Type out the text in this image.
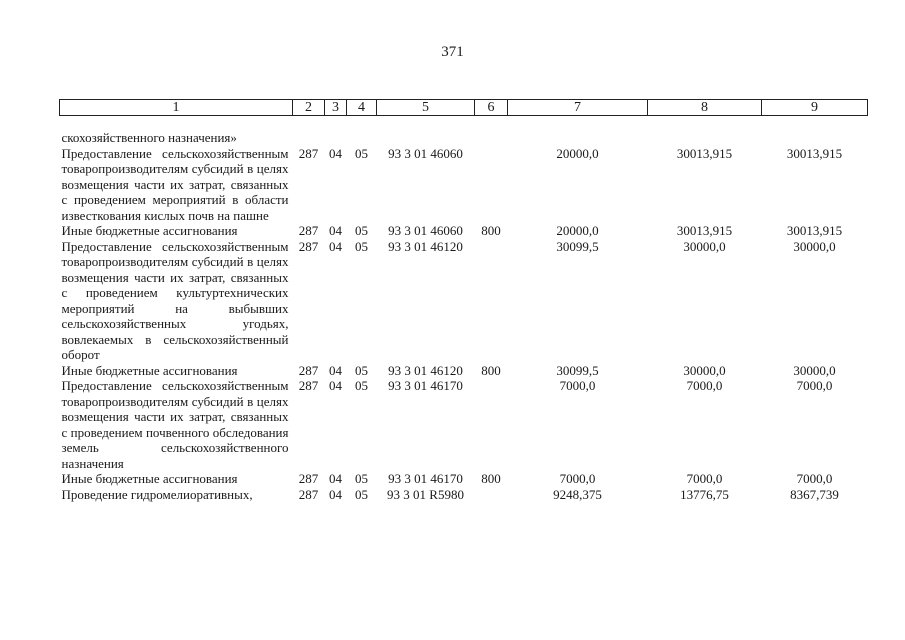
371
1	2	3	4	5	6	7	8	9

скохозяйственного назначения»								
Предоставление сельскохозяйственным товаропроизводителям субсидий в целях возмещения части их затрат, связанных с проведением мероприятий в области известкования кислых почв на пашне	287	04	05	93 3 01 46060		20000,0	30013,915	30013,915
Иные бюджетные ассигнования	287	04	05	93 3 01 46060	800	20000,0	30013,915	30013,915
Предоставление сельскохозяйственным товаропроизводителям субсидий в целях возмещения части их затрат, связанных с проведением культуртехнических мероприятий на выбывших сельскохозяйственных угодьях, вовлекаемых в сельскохозяйственный оборот	287	04	05	93 3 01 46120		30099,5	30000,0	30000,0
Иные бюджетные ассигнования	287	04	05	93 3 01 46120	800	30099,5	30000,0	30000,0
Предоставление сельскохозяйственным товаропроизводителям субсидий в целях возмещения части их затрат, связанных с проведением почвенного обследования земель сельскохозяйственного назначения	287	04	05	93 3 01 46170		7000,0	7000,0	7000,0
Иные бюджетные ассигнования	287	04	05	93 3 01 46170	800	7000,0	7000,0	7000,0
Проведение гидромелиоративных,	287	04	05	93 3 01 R5980		9248,375	13776,75	8367,739
